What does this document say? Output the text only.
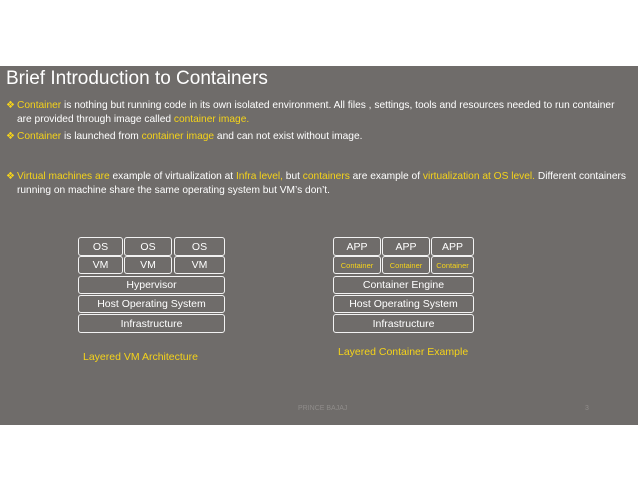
Brief Introduction to Containers
❖ Container is nothing but running code in its own isolated environment. All files , settings, tools and resources needed to run container are provided through image called container image.
❖ Container is launched from container image and can not exist without image.
❖ Virtual machines are example of virtualization at Infra level, but containers are example of virtualization at OS level. Different containers running on machine share the same operating system but VM’s don’t.
OS	OS	OS
VM	VM	VM
Hypervisor
Host Operating System
Infrastructure
Layered VM Architecture
APP	APP	APP
Container	Container	Container
Container Engine
Host Operating System
Infrastructure
Layered Container Example
PRINCE BAJAJ	3
